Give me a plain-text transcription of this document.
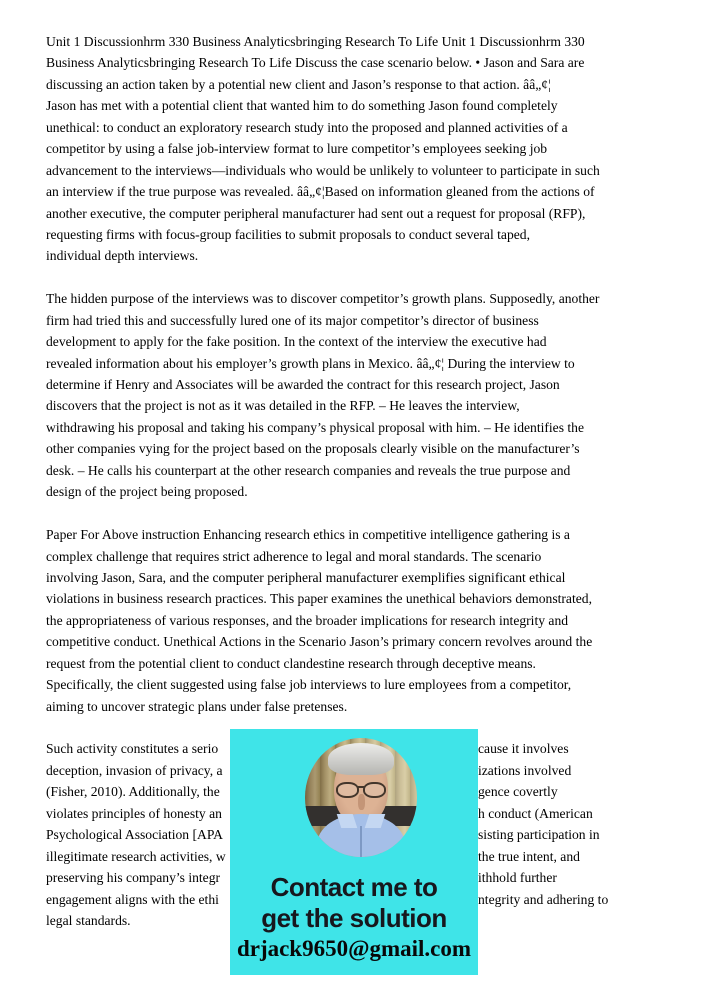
Unit 1 Discussionhrm 330 Business Analyticsbringing Research To Life Unit 1 Discussionhrm 330
Business Analyticsbringing Research To Life Discuss the case scenario below. • Jason and Sara are
discussing an action taken by a potential new client and Jason’s response to that action. ââ„¢¦
Jason has met with a potential client that wanted him to do something Jason found completely
unethical: to conduct an exploratory research study into the proposed and planned activities of a
competitor by using a false job-interview format to lure competitor’s employees seeking job
advancement to the interviews—individuals who would be unlikely to volunteer to participate in such
an interview if the true purpose was revealed. ââ„¢¦Based on information gleaned from the actions of
another executive, the computer peripheral manufacturer had sent out a request for proposal (RFP),
requesting firms with focus-group facilities to submit proposals to conduct several taped,
individual depth interviews.
The hidden purpose of the interviews was to discover competitor’s growth plans. Supposedly, another
firm had tried this and successfully lured one of its major competitor’s director of business
development to apply for the fake position. In the context of the interview the executive had
revealed information about his employer’s growth plans in Mexico. ââ„¢¦ During the interview to
determine if Henry and Associates will be awarded the contract for this research project, Jason
discovers that the project is not as it was detailed in the RFP. – He leaves the interview,
withdrawing his proposal and taking his company’s physical proposal with him. – He identifies the
other companies vying for the project based on the proposals clearly visible on the manufacturer’s
desk. – He calls his counterpart at the other research companies and reveals the true purpose and
design of the project being proposed.
Paper For Above instruction Enhancing research ethics in competitive intelligence gathering is a
complex challenge that requires strict adherence to legal and moral standards. The scenario
involving Jason, Sara, and the computer peripheral manufacturer exemplifies significant ethical
violations in business research practices. This paper examines the unethical behaviors demonstrated,
the appropriateness of various responses, and the broader implications for research integrity and
competitive conduct. Unethical Actions in the Scenario Jason’s primary concern revolves around the
request from the potential client to conduct clandestine research through deceptive means.
Specifically, the client suggested using false job interviews to lure employees from a competitor,
aiming to uncover strategic plans under false pretenses.
Such activity constitutes a serio	cause it involves
deception, invasion of privacy, a	izations involved
(Fisher, 2010). Additionally, the	gence covertly
violates principles of honesty an	h conduct (American
Psychological Association [APA	sisting participation in
illegitimate research activities, w	the true intent, and
preserving his company’s integr	ithhold further
engagement aligns with the ethi	ntegrity and adhering to
legal standards.
Contact me to
get the solution
drjack9650@gmail.com
